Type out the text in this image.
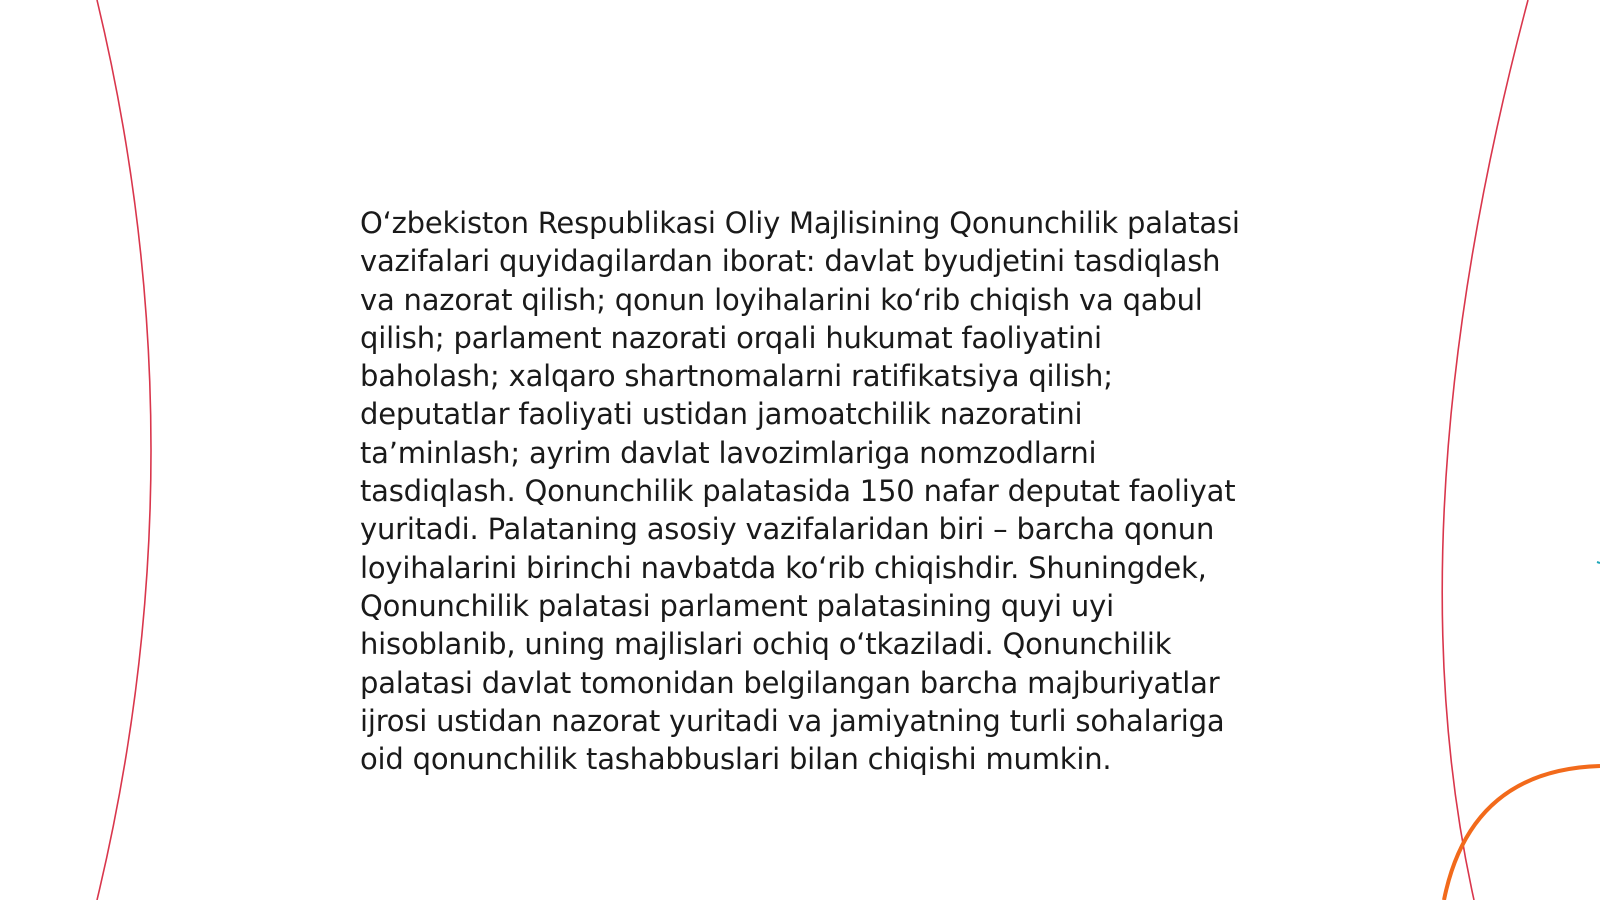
O‘zbekiston Respublikasi Oliy Majlisining Qonunchilik palatasi vazifalari quyidagilardan iborat: davlat byudjetini tasdiqlash va nazorat qilish; qonun loyihalarini ko‘rib chiqish va qabul qilish; parlament nazorati orqali hukumat faoliyatini baholash; xalqaro shartnomalarni ratifikatsiya qilish; deputatlar faoliyati ustidan jamoatchilik nazoratini ta’minlash; ayrim davlat lavozimlariga nomzodlarni tasdiqlash. Qonunchilik palatasida 150 nafar deputat faoliyat yuritadi. Palataning asosiy vazifalaridan biri – barcha qonun loyihalarini birinchi navbatda ko‘rib chiqishdir. Shuningdek, Qonunchilik palatasi parlament palatasining quyi uyi hisoblanib, uning majlislari ochiq o‘tkaziladi. Qonunchilik palatasi davlat tomonidan belgilangan barcha majburiyatlar ijrosi ustidan nazorat yuritadi va jamiyatning turli sohalariga oid qonunchilik tashabbuslari bilan chiqishi mumkin.
